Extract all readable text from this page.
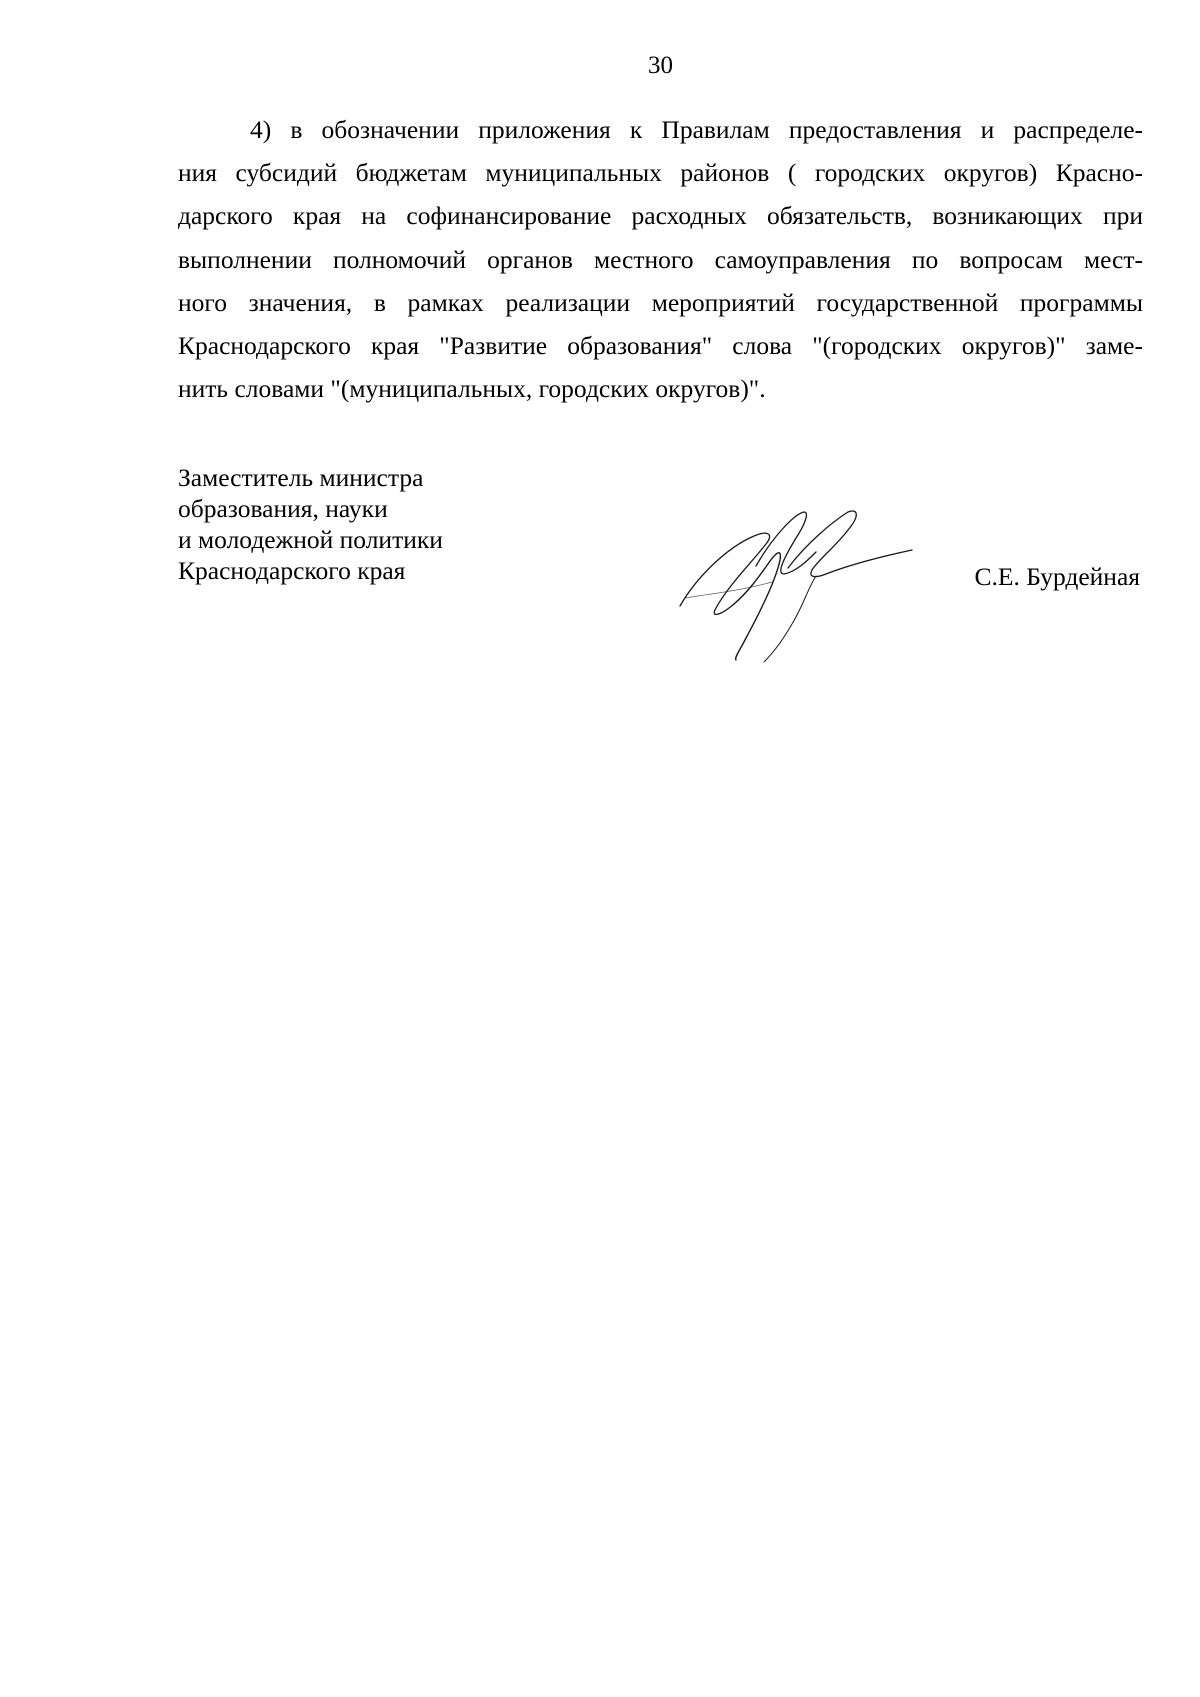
30

4) в обозначении приложения к Правилам предоставления и распределе-
ния субсидий бюджетам муниципальных районов ( городских округов) Красно-
дарского края на софинансирование расходных обязательств, возникающих при
выполнении полномочий органов местного самоуправления по вопросам мест-
ного значения, в рамках реализации мероприятий государственной программы
Краснодарского края "Развитие образования" слова "(городских округов)" заме-
нить словами "(муниципальных, городских округов)".

Заместитель министра
образования, науки
и молодежной политики
Краснодарского края	С.Е. Бурдейная
